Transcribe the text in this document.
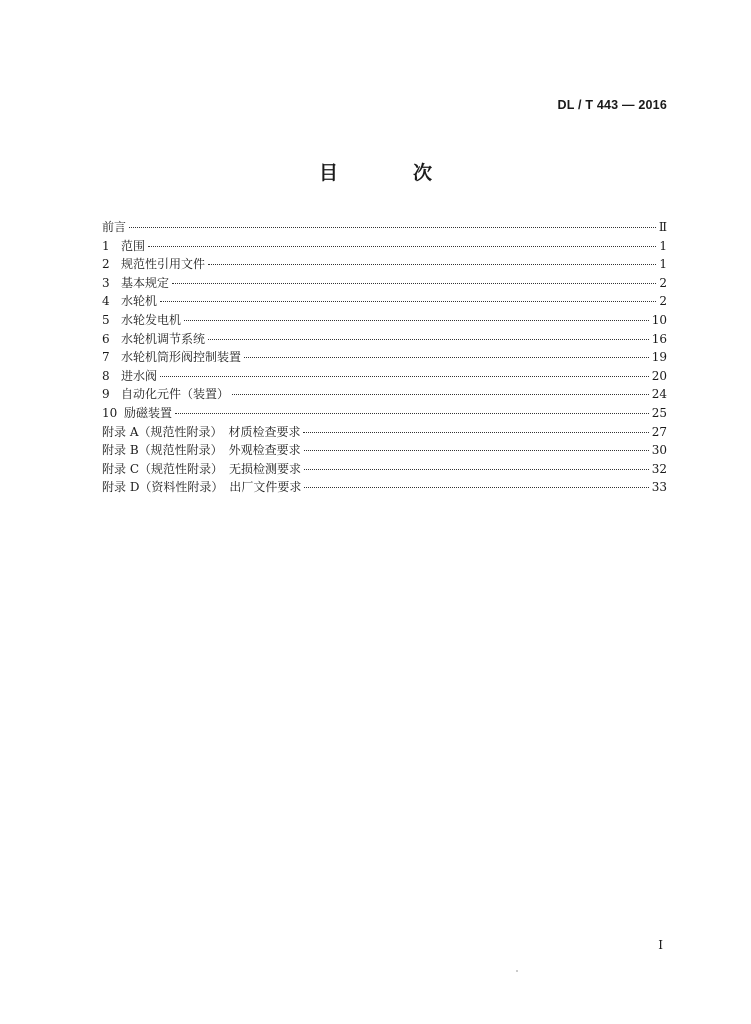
DL / T 443 — 2016
目　次
前言	Ⅱ
1 范围	1
2 规范性引用文件	1
3 基本规定	2
4 水轮机	2
5 水轮发电机	10
6 水轮机调节系统	16
7 水轮机筒形阀控制装置	19
8 进水阀	20
9 自动化元件（装置）	24
10 励磁装置	25
附录 A（规范性附录）　材质检查要求	27
附录 B（规范性附录）　外观检查要求	30
附录 C（规范性附录）　无损检测要求	32
附录 D（资料性附录）　出厂文件要求	33
I
